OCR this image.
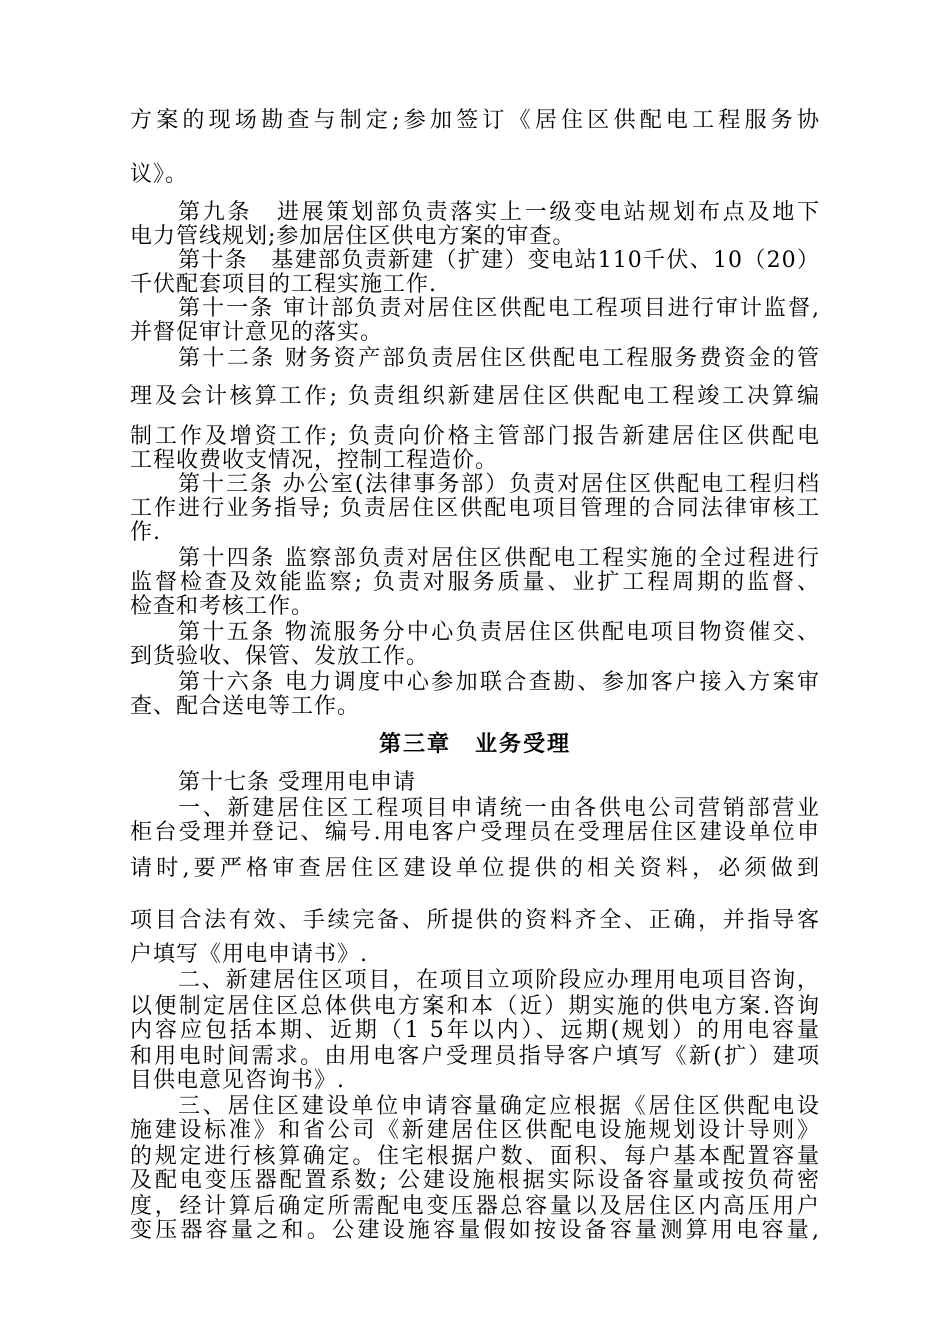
方案的现场勘查与制定;参加签订《居住区供配电工程服务协
议》。
第九条　进展策划部负责落实上一级变电站规划布点及地下
电力管线规划;参加居住区供电方案的审查。
第十条　基建部负责新建（扩建）变电站110千伏、10（20）
千伏配套项目的工程实施工作.
第十一条 审计部负责对居住区供配电工程项目进行审计监督,
并督促审计意见的落实。
第十二条 财务资产部负责居住区供配电工程服务费资金的管
理及会计核算工作; 负责组织新建居住区供配电工程竣工决算编
制工作及增资工作; 负责向价格主管部门报告新建居住区供配电
工程收费收支情况，控制工程造价。
第十三条 办公室(法律事务部）负责对居住区供配电工程归档
工作进行业务指导; 负责居住区供配电项目管理的合同法律审核工
作.
第十四条 监察部负责对居住区供配电工程实施的全过程进行
监督检查及效能监察; 负责对服务质量、业扩工程周期的监督、
检查和考核工作。
第十五条 物流服务分中心负责居住区供配电项目物资催交、
到货验收、保管、发放工作。
第十六条 电力调度中心参加联合查勘、参加客户接入方案审
查、配合送电等工作。
第三章　业务受理
第十七条 受理用电申请
一、新建居住区工程项目申请统一由各供电公司营销部营业
柜台受理并登记、编号.用电客户受理员在受理居住区建设单位申
请时,要严格审查居住区建设单位提供的相关资料，必须做到
项目合法有效、手续完备、所提供的资料齐全、正确，并指导客
户填写《用电申请书》.
二、新建居住区项目，在项目立项阶段应办理用电项目咨询，
以便制定居住区总体供电方案和本（近）期实施的供电方案.咨询
内容应包括本期、近期（1 5年以内）、远期(规划）的用电容量
和用电时间需求。由用电客户受理员指导客户填写《新(扩）建项
目供电意见咨询书》.
三、居住区建设单位申请容量确定应根据《居住区供配电设
施建设标准》和省公司《新建居住区供配电设施规划设计导则》
的规定进行核算确定。住宅根据户数、面积、每户基本配置容量
及配电变压器配置系数; 公建设施根据实际设备容量或按负荷密
度，经计算后确定所需配电变压器总容量以及居住区内高压用户
变压器容量之和。公建设施容量假如按设备容量测算用电容量,
